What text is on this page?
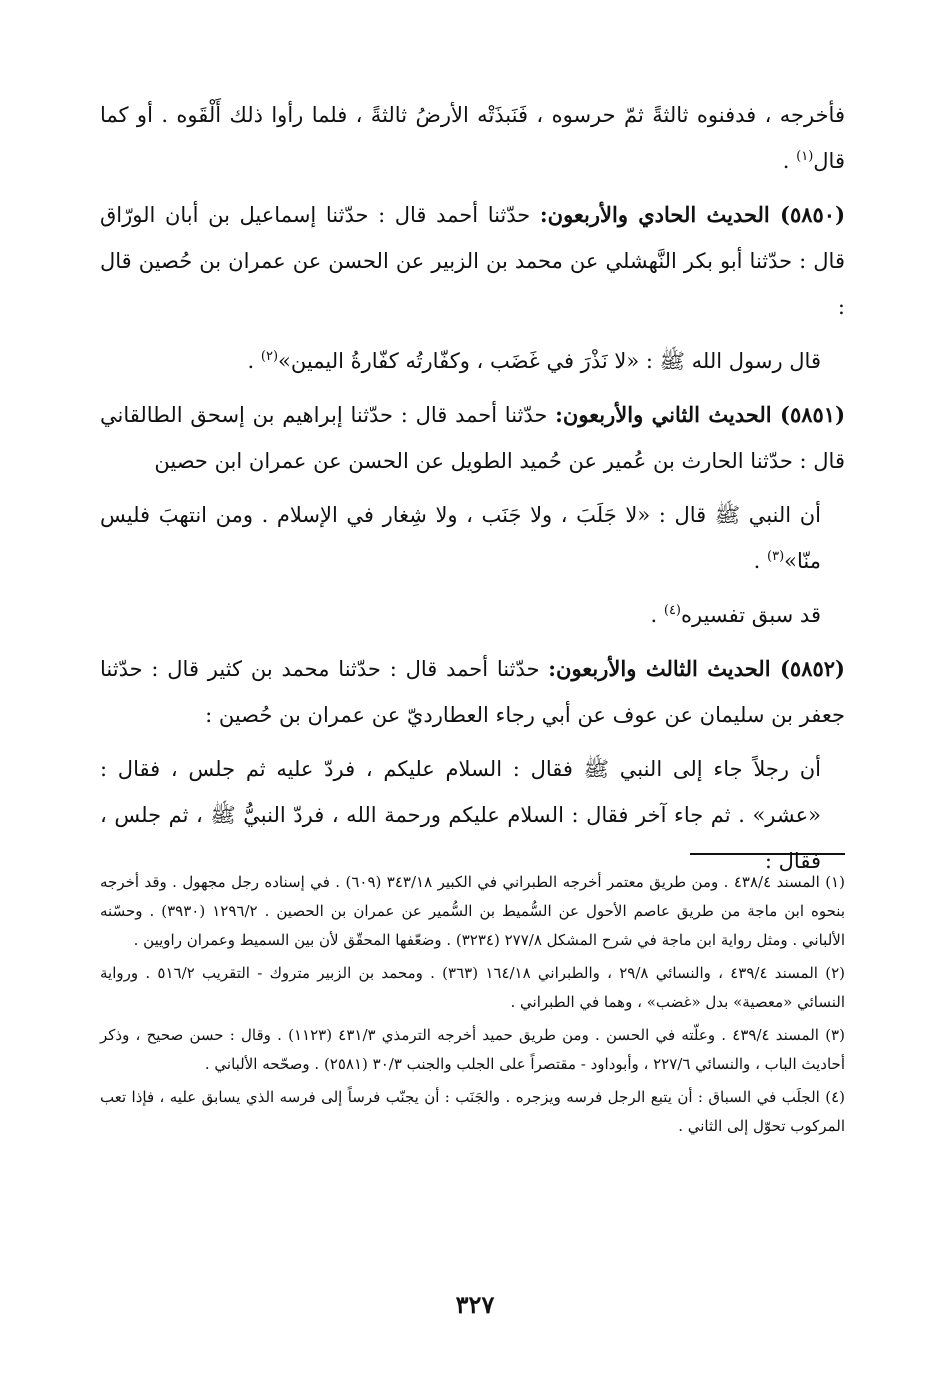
فأخرجه ، فدفنوه ثالثةً ثمّ حرسوه ، فَنَبذَتْه الأرضُ ثالثةً ، فلما رأوا ذلك أَلْقَوه . أو كما قال$^{(١)}$ .

(٥٨٥٠) الحديث الحادي والأربعون: حدّثنا أحمد قال : حدّثنا إسماعيل بن أبان الورّاق قال : حدّثنا أبو بكر النَّهشلي عن محمد بن الزبير عن الحسن عن عمران بن حُصين قال :

قال رسول الله ﷺ : «لا نَذْرَ في غَضَب ، وكفّارتُه كفّارةُ اليمين»$^{(٢)}$ .

(٥٨٥١) الحديث الثاني والأربعون: حدّثنا أحمد قال : حدّثنا إبراهيم بن إسحق الطالقاني قال : حدّثنا الحارث بن عُمير عن حُميد الطويل عن الحسن عن عمران ابن حصين

أن النبي ﷺ قال : «لا جَلَبَ ، ولا جَنَب ، ولا شِغار في الإسلام . ومن انتهبَ فليس منّا»$^{(٣)}$ .

قد سبق تفسيره$^{(٤)}$ .

(٥٨٥٢) الحديث الثالث والأربعون: حدّثنا أحمد قال : حدّثنا محمد بن كثير قال : حدّثنا جعفر بن سليمان عن عوف عن أبي رجاء العطارديّ عن عمران بن حُصين :

أن رجلاً جاء إلى النبي ﷺ فقال : السلام عليكم ، فردّ عليه ثم جلس ، فقال : «عشر» . ثم جاء آخر فقال : السلام عليكم ورحمة الله ، فردّ النبيُّ ﷺ ، ثم جلس ، فقال :

(١) المسند ٤٣٨/٤ . ومن طريق معتمر أخرجه الطبراني في الكبير ٣٤٣/١٨ (٦٠٩) . في إسناده رجل مجهول . وقد أخرجه بنحوه ابن ماجة من طريق عاصم الأحول عن السُّميط بن السُّمير عن عمران بن الحصين . ١٢٩٦/٢ (٣٩٣٠) . وحسّنه الألباني . ومثل رواية ابن ماجة في شرح المشكل ٢٧٧/٨ (٣٢٣٤) . وضعّفها المحقّق لأن بين السميط وعمران راويين .

(٢) المسند ٤٣٩/٤ ، والنسائي ٢٩/٨ ، والطبراني ١٦٤/١٨ (٣٦٣) . ومحمد بن الزبير متروك - التقريب ٥١٦/٢ . ورواية النسائي «معصية» بدل «غضب» ، وهما في الطبراني .

(٣) المسند ٤٣٩/٤ . وعلّته في الحسن . ومن طريق حميد أخرجه الترمذي ٤٣١/٣ (١١٢٣) . وقال : حسن صحيح ، وذكر أحاديث الباب ، والنسائي ٢٢٧/٦ ، وأبوداود - مقتصراً على الجلب والجنب ٣٠/٣ (٢٥٨١) . وصحّحه الألباني .

(٤) الجلَب في السباق : أن يتبع الرجل فرسه ويزجره . والجَنَب : أن يجنّب فرساً إلى فرسه الذي يسابق عليه ، فإذا تعب المركوب تحوّل إلى الثاني .

٣٢٧
